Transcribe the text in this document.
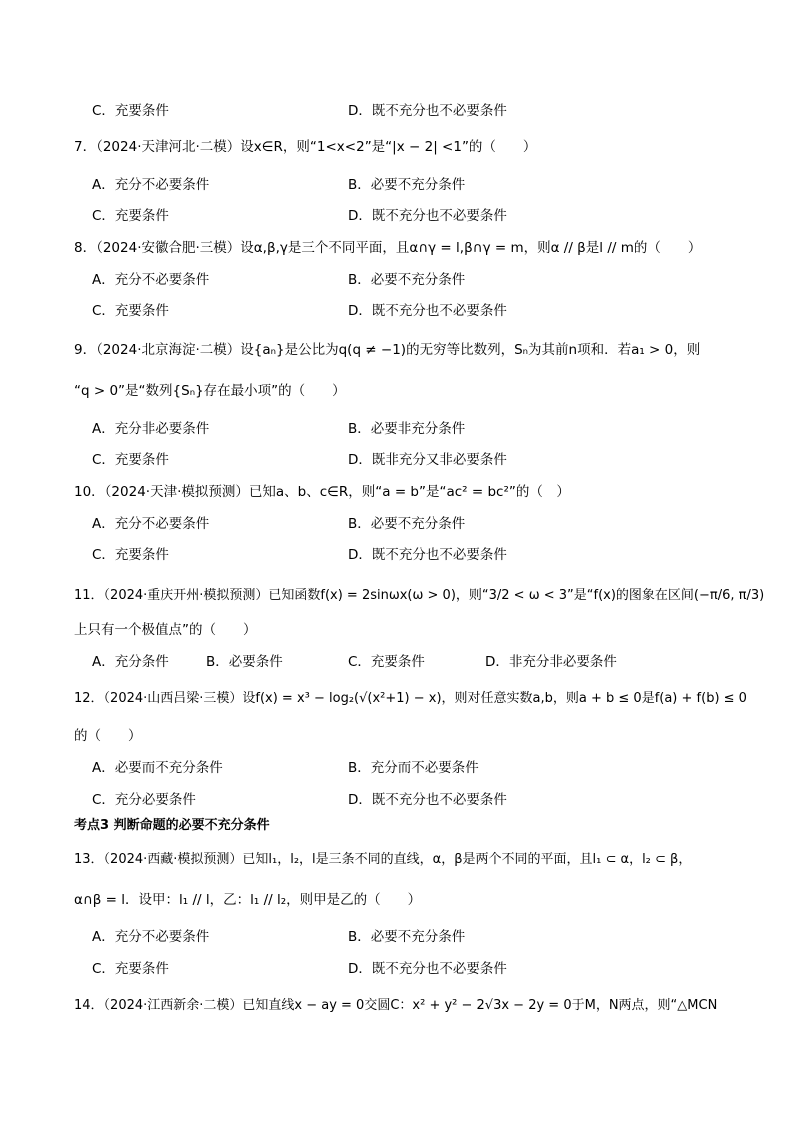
C．充要条件	D．既不充分也不必要条件
7．（2024·天津河北·二模）设x∈R，则“1<x<2”是“|x − 2| <1”的（　　）
A．充分不必要条件	B．必要不充分条件
C．充要条件	D．既不充分也不必要条件
8．（2024·安徽合肥·三模）设α,β,γ是三个不同平面，且α∩γ = l,β∩γ = m，则α // β是l // m的（　　）
A．充分不必要条件	B．必要不充分条件
C．充要条件	D．既不充分也不必要条件
9．（2024·北京海淀·二模）设{aₙ}是公比为q(q ≠ −1)的无穷等比数列，Sₙ为其前n项和．若a₁ > 0，则
“q > 0”是“数列{Sₙ}存在最小项”的（　　）
A．充分非必要条件	B．必要非充分条件
C．充要条件	D．既非充分又非必要条件
10．（2024·天津·模拟预测）已知a、b、c∈R，则“a = b”是“ac² = bc²”的（　）
A．充分不必要条件	B．必要不充分条件
C．充要条件	D．既不充分也不必要条件
11．（2024·重庆开州·模拟预测）已知函数f(x) = 2sinωx(ω > 0)，则“3/2 < ω < 3”是“f(x)的图象在区间(−π/6, π/3)
上只有一个极值点”的（　　）
A．充分条件	B．必要条件	C．充要条件	D．非充分非必要条件
12．（2024·山西吕梁·三模）设f(x) = x³ − log₂(√(x²+1) − x)，则对任意实数a,b，则a + b ≤ 0是f(a) + f(b) ≤ 0
的（　　）
A．必要而不充分条件	B．充分而不必要条件
C．充分必要条件	D．既不充分也不必要条件
考点3 判断命题的必要不充分条件
13．（2024·西藏·模拟预测）已知l₁，l₂，l是三条不同的直线，α，β是两个不同的平面，且l₁ ⊂ α，l₂ ⊂ β，
α∩β = l．设甲：l₁ // l，乙：l₁ // l₂，则甲是乙的（　　）
A．充分不必要条件	B．必要不充分条件
C．充要条件	D．既不充分也不必要条件
14．（2024·江西新余·二模）已知直线x − ay = 0交圆C：x² + y² − 2√3x − 2y = 0于M，N两点，则“△MCN
